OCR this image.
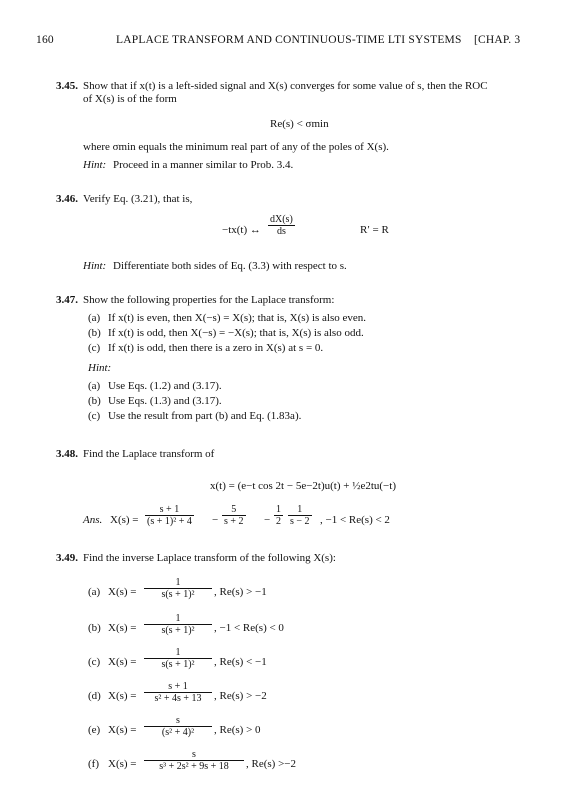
160	LAPLACE TRANSFORM AND CONTINUOUS-TIME LTI SYSTEMS [CHAP. 3
3.45. Show that if x(t) is a left-sided signal and X(s) converges for some value of s, then the ROC
of X(s) is of the form
Re(s) < σmin
where σmin equals the minimum real part of any of the poles of X(s).
Hint: Proceed in a manner similar to Prob. 3.4.
3.46. Verify Eq. (3.21), that is,
−tx(t) ↔ $\frac{dX(s)}{ds}$	R′ = R
Hint: Differentiate both sides of Eq. (3.3) with respect to s.
3.47. Show the following properties for the Laplace transform:
(a) If x(t) is even, then X(−s) = X(s); that is, X(s) is also even.
(b) If x(t) is odd, then X(−s) = −X(s); that is, X(s) is also odd.
(c) If x(t) is odd, then there is a zero in X(s) at s = 0.
Hint:
(a) Use Eqs. (1.2) and (3.17).
(b) Use Eqs. (1.3) and (3.17).
(c) Use the result from part (b) and Eq. (1.83a).
3.48. Find the Laplace transform of
x(t) = (e−t cos 2t − 5e−2t)u(t) + ½e2tu(−t)
Ans. $X(s) = \frac{s + 1}{\text{(s + 1)² + 4}} - \frac{5}{s + 2} - \frac{1}{2} \frac{1}{s - 2}$ , −1 < Re(s) < 2
3.49. Find the inverse Laplace transform of the following X(s):
(a) $X(s) = \frac{1}{\text{s(s + 1)²}}$ , Re(s) > −1
(b) $X(s) = \frac{1}{\text{s(s + 1)²}}$ , −1 < Re(s) < 0
(c) $X(s) = \frac{1}{\text{s(s + 1)²}}$ , Re(s) < −1
(d) $X(s) = \frac{s + 1}{\text{s² + 4s + 13}}$ , Re(s) > −2
(e) $X(s) = \frac{s}{\text{(s² + 4)²}}$ , Re(s) > 0
(f) $X(s) = \frac{s}{\text{s³ + 2s² + 9s + 18}}$ , Re(s) >−2
